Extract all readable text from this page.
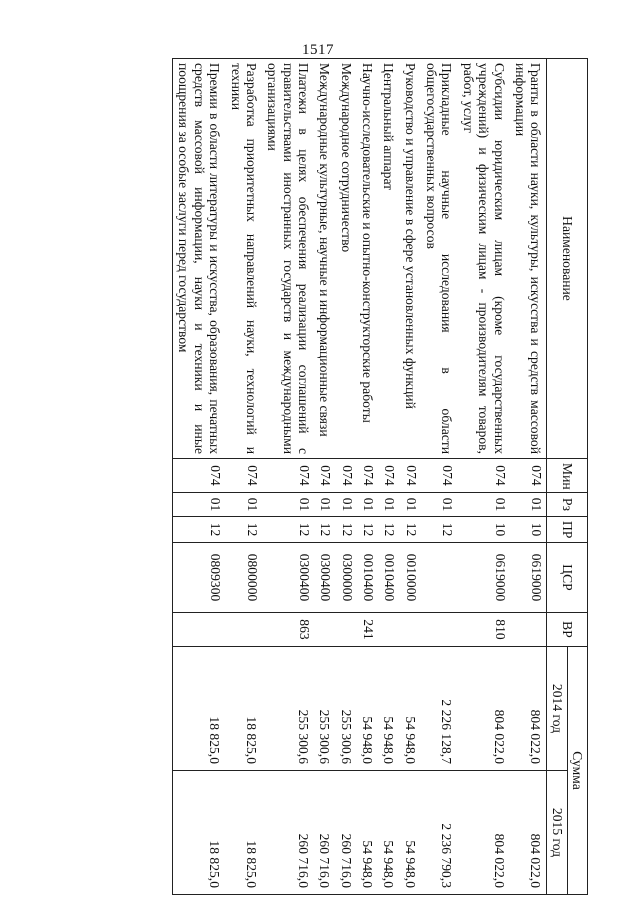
1517
Наименование	Мин	Рз	ПР	ЦСР	ВР	Сумма	
						2014 год	2015 год
Гранты в области науки, культуры, искусства и средств массовой информации	074	01	10	0619000		804 022,0	804 022,0
Субсидии юридическим лицам (кроме государственных учреждений) и физическим лицам - производителям товаров, работ, услуг	074	01	10	0619000	810	804 022,0	804 022,0
Прикладные научные исследования в области общегосударственных вопросов	074	01	12			2 226 128,7	2 236 790,3
Руководство и управление в сфере установленных функций	074	01	12	0010000		54 948,0	54 948,0
Центральный аппарат	074	01	12	0010400		54 948,0	54 948,0
Научно-исследовательские и опытно-конструкторские работы	074	01	12	0010400	241	54 948,0	54 948,0
Международное сотрудничество	074	01	12	0300000		255 300,6	260 716,0
Международные культурные, научные и информационные связи	074	01	12	0300400		255 300,6	260 716,0
Платежи в целях обеспечения реализации соглашений с правительствами иностранных государств и международными организациями	074	01	12	0300400	863	255 300,6	260 716,0
Разработка приоритетных направлений науки, технологий и техники	074	01	12	0800000		18 825,0	18 825,0
Премии в области литературы и искусства, образования, печатных средств массовой информации, науки и техники и иные поощрения за особые заслуги перед государством	074	01	12	0809300		18 825,0	18 825,0
